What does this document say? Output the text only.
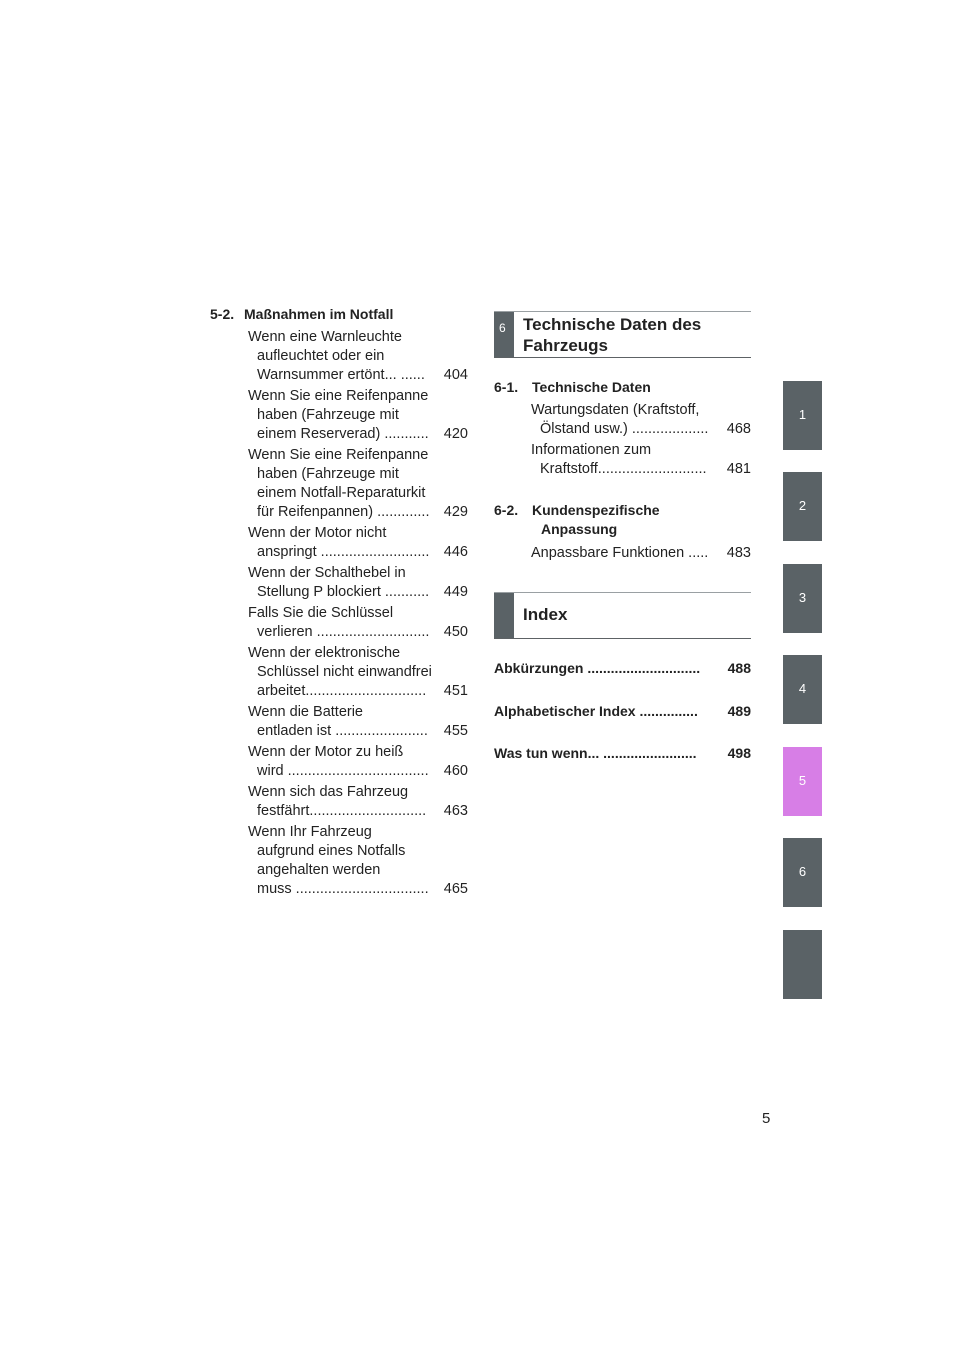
5-2. Maßnahmen im Notfall
Wenn eine Warnleuchte
aufleuchtet oder ein
Warnsummer ertönt... ...... 404
Wenn Sie eine Reifenpanne
haben (Fahrzeuge mit
einem Reserverad) ........... 420
Wenn Sie eine Reifenpanne
haben (Fahrzeuge mit
einem Notfall-Reparaturkit
für Reifenpannen) ............. 429
Wenn der Motor nicht
anspringt ........................... 446
Wenn der Schalthebel in
Stellung P blockiert ........... 449
Falls Sie die Schlüssel
verlieren ............................ 450
Wenn der elektronische
Schlüssel nicht einwandfrei
arbeitet.............................. 451
Wenn die Batterie
entladen ist ....................... 455
Wenn der Motor zu heiß
wird ................................... 460
Wenn sich das Fahrzeug
festfährt............................. 463
Wenn Ihr Fahrzeug
aufgrund eines Notfalls
angehalten werden
muss ................................. 465
6 Technische Daten des
Fahrzeugs
6-1. Technische Daten
Wartungsdaten (Kraftstoff,
Ölstand usw.) ................... 468
Informationen zum
Kraftstoff........................... 481
6-2. Kundenspezifische
Anpassung
Anpassbare Funktionen ..... 483
Index
Abkürzungen ............................. 488
Alphabetischer Index ............... 489
Was tun wenn... ........................ 498
1
2
3
4
5
6
5
